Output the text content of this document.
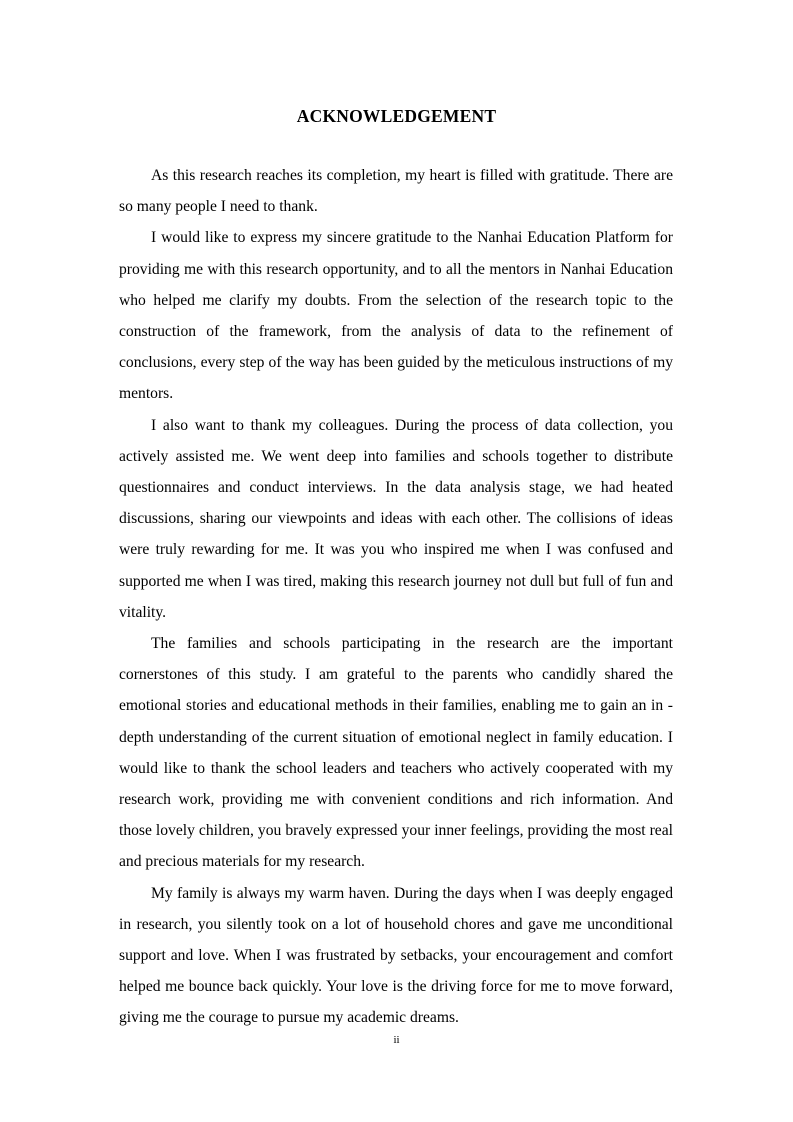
ACKNOWLEDGEMENT

As this research reaches its completion, my heart is filled with gratitude. There are so many people I need to thank.

I would like to express my sincere gratitude to the Nanhai Education Platform for providing me with this research opportunity, and to all the mentors in Nanhai Education who helped me clarify my doubts. From the selection of the research topic to the construction of the framework, from the analysis of data to the refinement of conclusions, every step of the way has been guided by the meticulous instructions of my mentors.

I also want to thank my colleagues. During the process of data collection, you actively assisted me. We went deep into families and schools together to distribute questionnaires and conduct interviews. In the data analysis stage, we had heated discussions, sharing our viewpoints and ideas with each other. The collisions of ideas were truly rewarding for me. It was you who inspired me when I was confused and supported me when I was tired, making this research journey not dull but full of fun and vitality.

The families and schools participating in the research are the important cornerstones of this study. I am grateful to the parents who candidly shared the emotional stories and educational methods in their families, enabling me to gain an in - depth understanding of the current situation of emotional neglect in family education. I would like to thank the school leaders and teachers who actively cooperated with my research work, providing me with convenient conditions and rich information. And those lovely children, you bravely expressed your inner feelings, providing the most real and precious materials for my research.

My family is always my warm haven. During the days when I was deeply engaged in research, you silently took on a lot of household chores and gave me unconditional support and love. When I was frustrated by setbacks, your encouragement and comfort helped me bounce back quickly. Your love is the driving force for me to move forward, giving me the courage to pursue my academic dreams.

ii
